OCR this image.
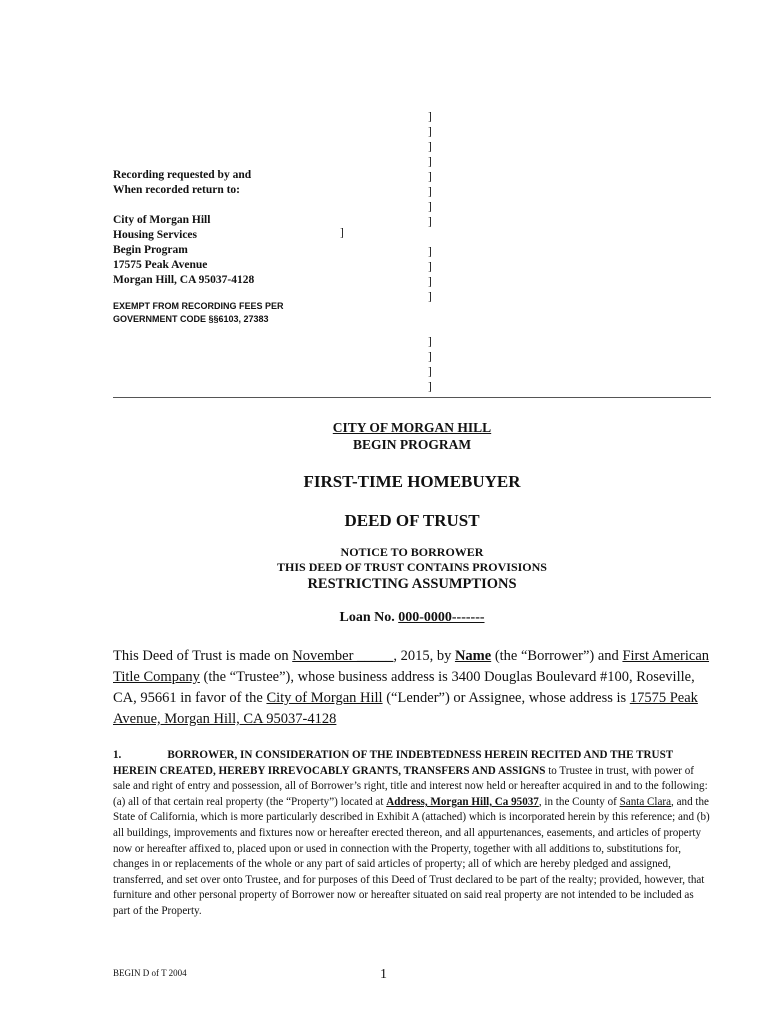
]
]
]
]
]
]
]
]
]
]
]
]
]
]
]
]
]
Recording requested by and
When recorded return to:
City of Morgan Hill
Housing Services
Begin Program
17575 Peak Avenue
Morgan Hill, CA 95037-4128
EXEMPT FROM RECORDING FEES PER
GOVERNMENT CODE §§6103, 27383
CITY OF MORGAN HILL
BEGIN PROGRAM
FIRST-TIME HOMEBUYER
DEED OF TRUST
NOTICE TO BORROWER
THIS DEED OF TRUST CONTAINS PROVISIONS
RESTRICTING ASSUMPTIONS
Loan No. 000-0000-------
This Deed of Trust is made on November _____, 2015, by Name (the “Borrower”) and First American Title Company (the “Trustee”), whose business address is 3400 Douglas Boulevard #100, Roseville, CA, 95661 in favor of the City of Morgan Hill (“Lender”) or Assignee, whose address is 17575 Peak Avenue, Morgan Hill, CA 95037-4128
1.	BORROWER, IN CONSIDERATION OF THE INDEBTEDNESS HEREIN RECITED AND THE TRUST HEREIN CREATED, HEREBY IRREVOCABLY GRANTS, TRANSFERS AND ASSIGNS to Trustee in trust, with power of sale and right of entry and possession, all of Borrower’s right, title and interest now held or hereafter acquired in and to the following: (a) all of that certain real property (the “Property”) located at Address, Morgan Hill, Ca 95037, in the County of Santa Clara, and the State of California, which is more particularly described in Exhibit A (attached) which is incorporated herein by this reference; and (b) all buildings, improvements and fixtures now or hereafter erected thereon, and all appurtenances, easements, and articles of property now or hereafter affixed to, placed upon or used in connection with the Property, together with all additions to, substitutions for, changes in or replacements of the whole or any part of said articles of property; all of which are hereby pledged and assigned, transferred, and set over onto Trustee, and for purposes of this Deed of Trust declared to be part of the realty; provided, however, that furniture and other personal property of Borrower now or hereafter situated on said real property are not intended to be included as part of the Property.
BEGIN D of T 2004	1
